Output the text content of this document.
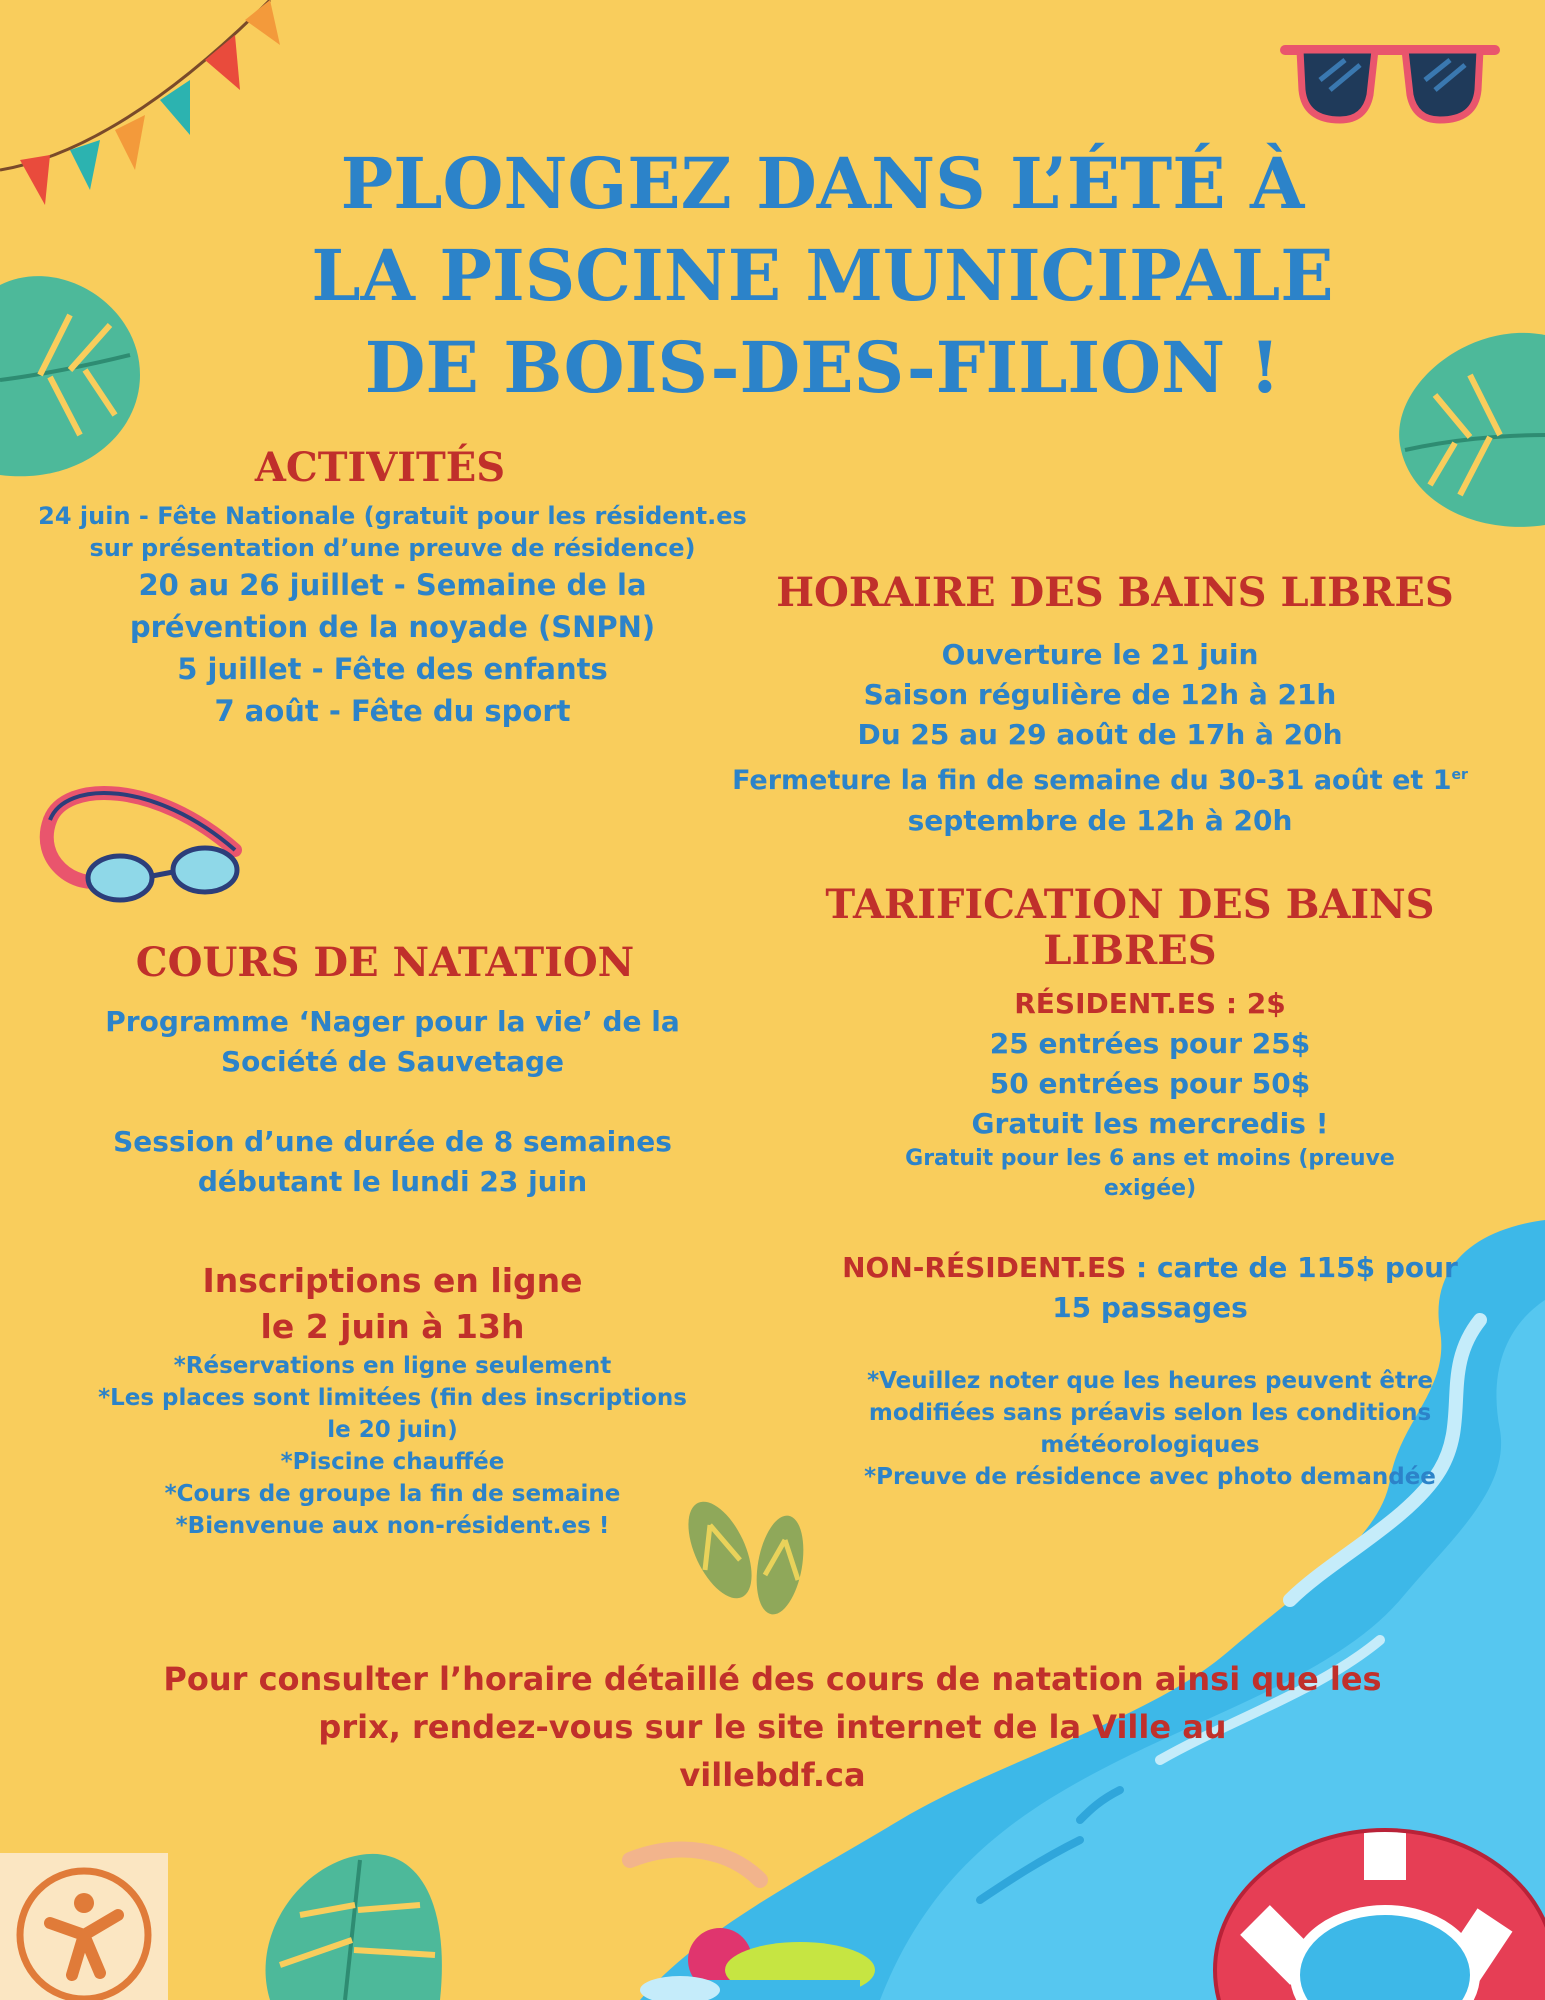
PLONGEZ DANS L’ÉTÉ À
LA PISCINE MUNICIPALE
DE BOIS-DES-FILION !
ACTIVITÉS
24 juin - Fête Nationale (gratuit pour les résident.es
sur présentation d’une preuve de résidence)
20 au 26 juillet - Semaine de la
prévention de la noyade (SNPN)
5 juillet - Fête des enfants
7 août - Fête du sport
HORAIRE DES BAINS LIBRES
Ouverture le 21 juin
Saison régulière de 12h à 21h
Du 25 au 29 août de 17h à 20h
Fermeture la fin de semaine du 30-31 août et 1er
septembre de 12h à 20h
COURS DE NATATION
Programme ‘Nager pour la vie’ de la
Société de Sauvetage
Session d’une durée de 8 semaines
débutant le lundi 23 juin
Inscriptions en ligne
le 2 juin à 13h
*Réservations en ligne seulement
*Les places sont limitées (fin des inscriptions
le 20 juin)
*Piscine chauffée
*Cours de groupe la fin de semaine
*Bienvenue aux non-résident.es !
TARIFICATION DES BAINS
LIBRES
RÉSIDENT.ES : 2$
25 entrées pour 25$
50 entrées pour 50$
Gratuit les mercredis !
Gratuit pour les 6 ans et moins (preuve
exigée)
NON-RÉSIDENT.ES : carte de 115$ pour
15 passages
*Veuillez noter que les heures peuvent être
modifiées sans préavis selon les conditions
météorologiques
*Preuve de résidence avec photo demandée
Pour consulter l’horaire détaillé des cours de natation ainsi que les
prix, rendez-vous sur le site internet de la Ville au
villebdf.ca
